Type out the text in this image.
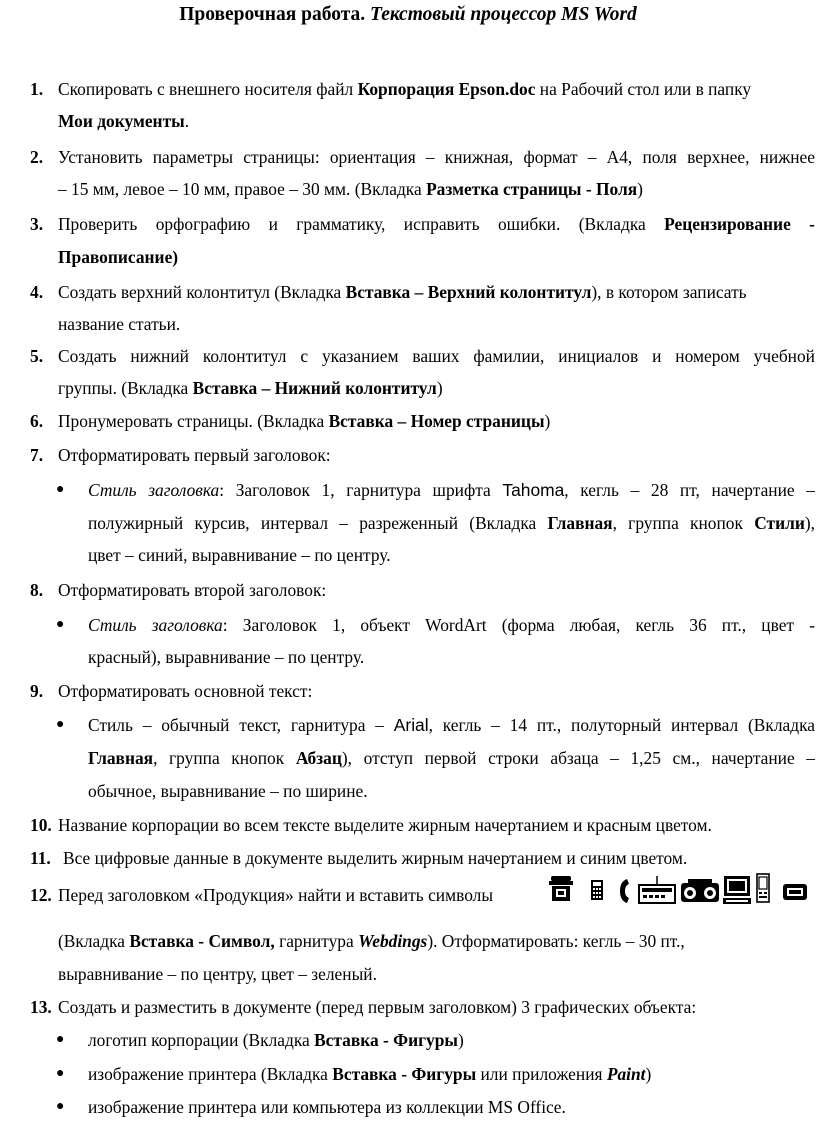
Проверочная работа. Текстовый процессор MS Word
1. Скопировать с внешнего носителя файл Корпорация Epson.doc на Рабочий стол или в папку
Мои документы.
2. Установить параметры страницы: ориентация – книжная, формат – А4, поля верхнее, нижнее
– 15 мм, левое – 10 мм, правое – 30 мм. (Вкладка Разметка страницы - Поля)
3. Проверить орфографию и грамматику, исправить ошибки. (Вкладка Рецензирование -
Правописание)
4. Создать верхний колонтитул (Вкладка Вставка – Верхний колонтитул), в котором записать
название статьи.
5. Создать нижний колонтитул с указанием ваших фамилии, инициалов и номером учебной
группы. (Вкладка Вставка – Нижний колонтитул)
6. Пронумеровать страницы. (Вкладка Вставка – Номер страницы)
7. Отформатировать первый заголовок:
● Стиль заголовка: Заголовок 1, гарнитура шрифта Tahoma, кегль – 28 пт, начертание –
полужирный курсив, интервал – разреженный (Вкладка Главная, группа кнопок Стили),
цвет – синий, выравнивание – по центру.
8. Отформатировать второй заголовок:
● Стиль заголовка: Заголовок 1, объект WordArt (форма любая, кегль 36 пт., цвет -
красный), выравнивание – по центру.
9. Отформатировать основной текст:
● Стиль – обычный текст, гарнитура – Arial, кегль – 14 пт., полуторный интервал (Вкладка
Главная, группа кнопок Абзац), отступ первой строки абзаца – 1,25 см., начертание –
обычное, выравнивание – по ширине.
10. Название корпорации во всем тексте выделите жирным начертанием и красным цветом.
11. Все цифровые данные в документе выделить жирным начертанием и синим цветом.
12. Перед заголовком «Продукция» найти и вставить символы
(Вкладка Вставка - Символ, гарнитура Webdings). Отформатировать: кегль – 30 пт.,
выравнивание – по центру, цвет – зеленый.
13. Создать и разместить в документе (перед первым заголовком) 3 графических объекта:
● логотип корпорации (Вкладка Вставка - Фигуры)
● изображение принтера (Вкладка Вставка - Фигуры или приложения Paint)
● изображение принтера или компьютера из коллекции MS Office.
